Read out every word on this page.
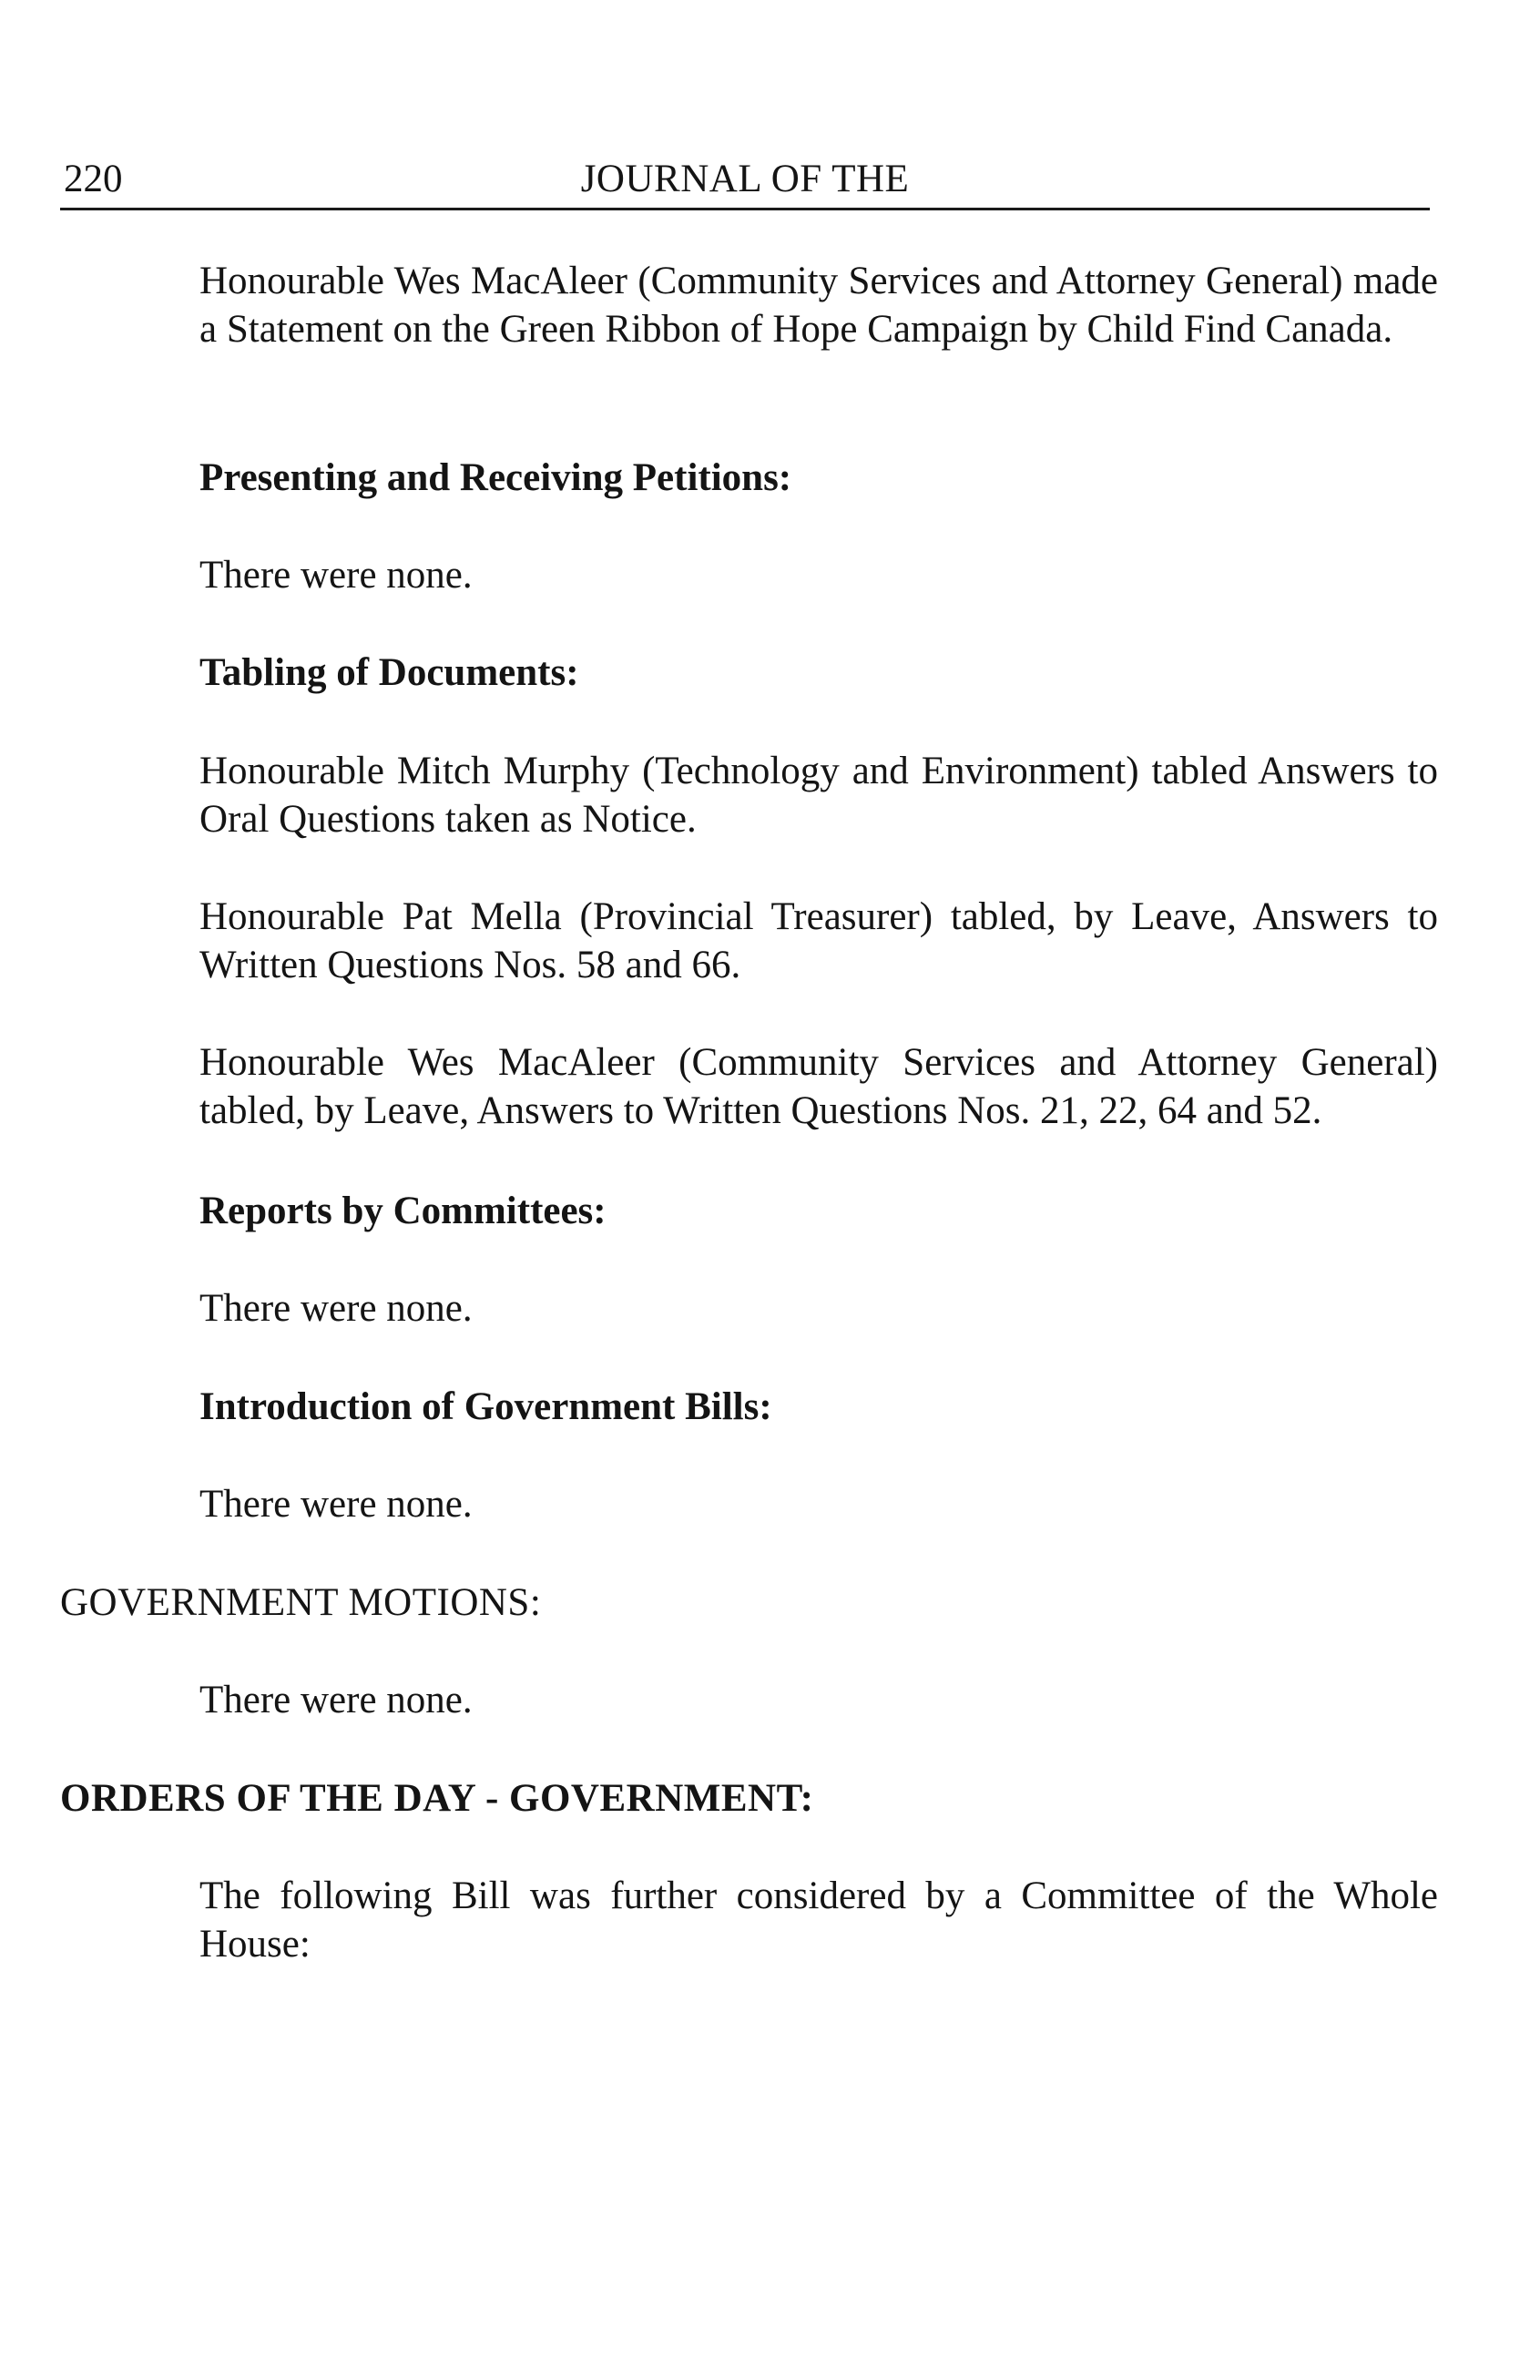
220	JOURNAL OF THE
Honourable Wes MacAleer (Community Services and Attorney General) made a Statement on the Green Ribbon of Hope Campaign by Child Find Canada.
Presenting and Receiving Petitions:
There were none.
Tabling of Documents:
Honourable Mitch Murphy (Technology and Environment) tabled Answers to Oral Questions taken as Notice.
Honourable Pat Mella (Provincial Treasurer) tabled, by Leave, Answers to Written Questions Nos. 58 and 66.
Honourable Wes MacAleer (Community Services and Attorney General) tabled, by Leave, Answers to Written Questions Nos. 21, 22, 64 and 52.
Reports by Committees:
There were none.
Introduction of Government Bills:
There were none.
GOVERNMENT MOTIONS:
There were none.
ORDERS OF THE DAY - GOVERNMENT:
The following Bill was further considered by a Committee of the Whole House:
